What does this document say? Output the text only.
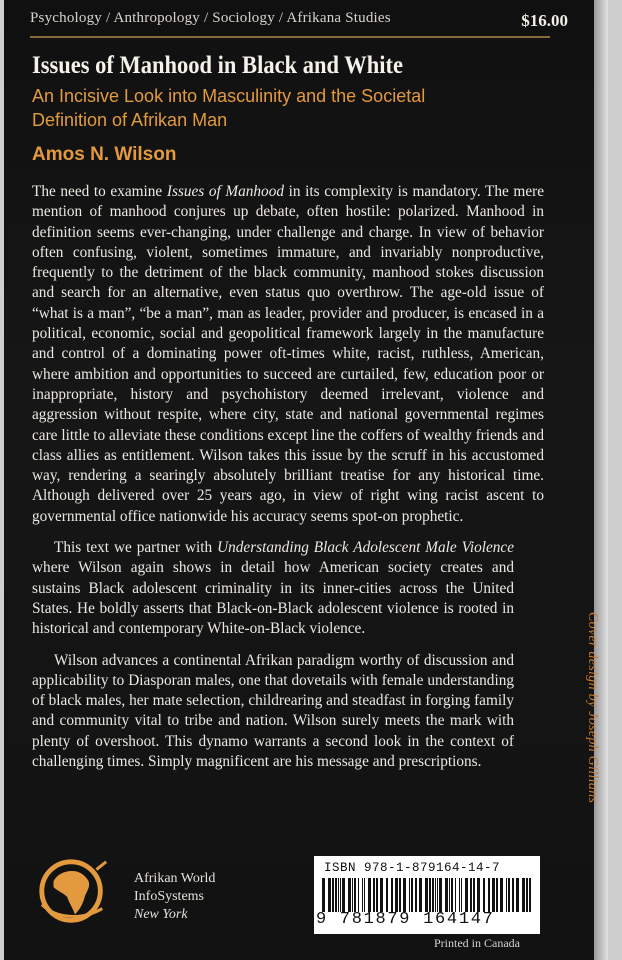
Psychology / Anthropology / Sociology / Afrikana Studies	$16.00
Issues of Manhood in Black and White
An Incisive Look into Masculinity and the Societal Definition of Afrikan Man
Amos N. Wilson

The need to examine Issues of Manhood in its complexity is mandatory. The mere mention of manhood conjures up debate, often hostile: polarized. Manhood in definition seems ever-changing, under challenge and charge. In view of behavior often confusing, violent, sometimes immature, and invariably nonproductive, frequently to the detriment of the black community, manhood stokes discussion and search for an alternative, even status quo overthrow. The age-old issue of “what is a man”, “be a man”, man as leader, provider and producer, is encased in a political, economic, social and geopolitical framework largely in the manufacture and control of a dominating power oft-times white, racist, ruthless, American, where ambition and opportunities to succeed are curtailed, few, education poor or inappropriate, history and psychohistory deemed irrelevant, violence and aggression without respite, where city, state and national governmental regimes care little to alleviate these conditions except line the coffers of wealthy friends and class allies as entitlement. Wilson takes this issue by the scruff in his accustomed way, rendering a searingly absolutely brilliant treatise for any historical time. Although delivered over 25 years ago, in view of right wing racist ascent to governmental office nationwide his accuracy seems spot-on prophetic.

This text we partner with Understanding Black Adolescent Male Violence where Wilson again shows in detail how American society creates and sustains Black adolescent criminality in its inner-cities across the United States. He boldly asserts that Black-on-Black adolescent violence is rooted in historical and contemporary White-on-Black violence.

Wilson advances a continental Afrikan paradigm worthy of discussion and applicability to Diasporan males, one that dovetails with female understanding of black males, her mate selection, childrearing and steadfast in forging family and community vital to tribe and nation. Wilson surely meets the mark with plenty of overshoot. This dynamo warrants a second look in the context of challenging times. Simply magnificent are his message and prescriptions.	Cover design by Joseph Gillians
Afrikan World
InfoSystems
New York
ISBN 978-1-879164-14-7
9 781879 164147
Printed in Canada
